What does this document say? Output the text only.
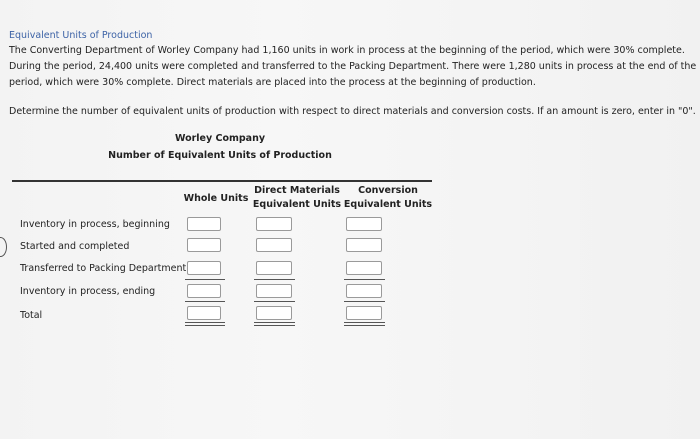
Equivalent Units of Production
The Converting Department of Worley Company had 1,160 units in work in process at the beginning of the period, which were 30% complete. During the period, 24,400 units were completed and transferred to the Packing Department. There were 1,280 units in process at the end of the period, which were 30% complete. Direct materials are placed into the process at the beginning of production.
Determine the number of equivalent units of production with respect to direct materials and conversion costs. If an amount is zero, enter in "0".
Worley Company
Number of Equivalent Units of Production
Whole Units
Direct Materials
Equivalent Units
Conversion
Equivalent Units
Inventory in process, beginning
Started and completed
Transferred to Packing Department
Inventory in process, ending
Total
